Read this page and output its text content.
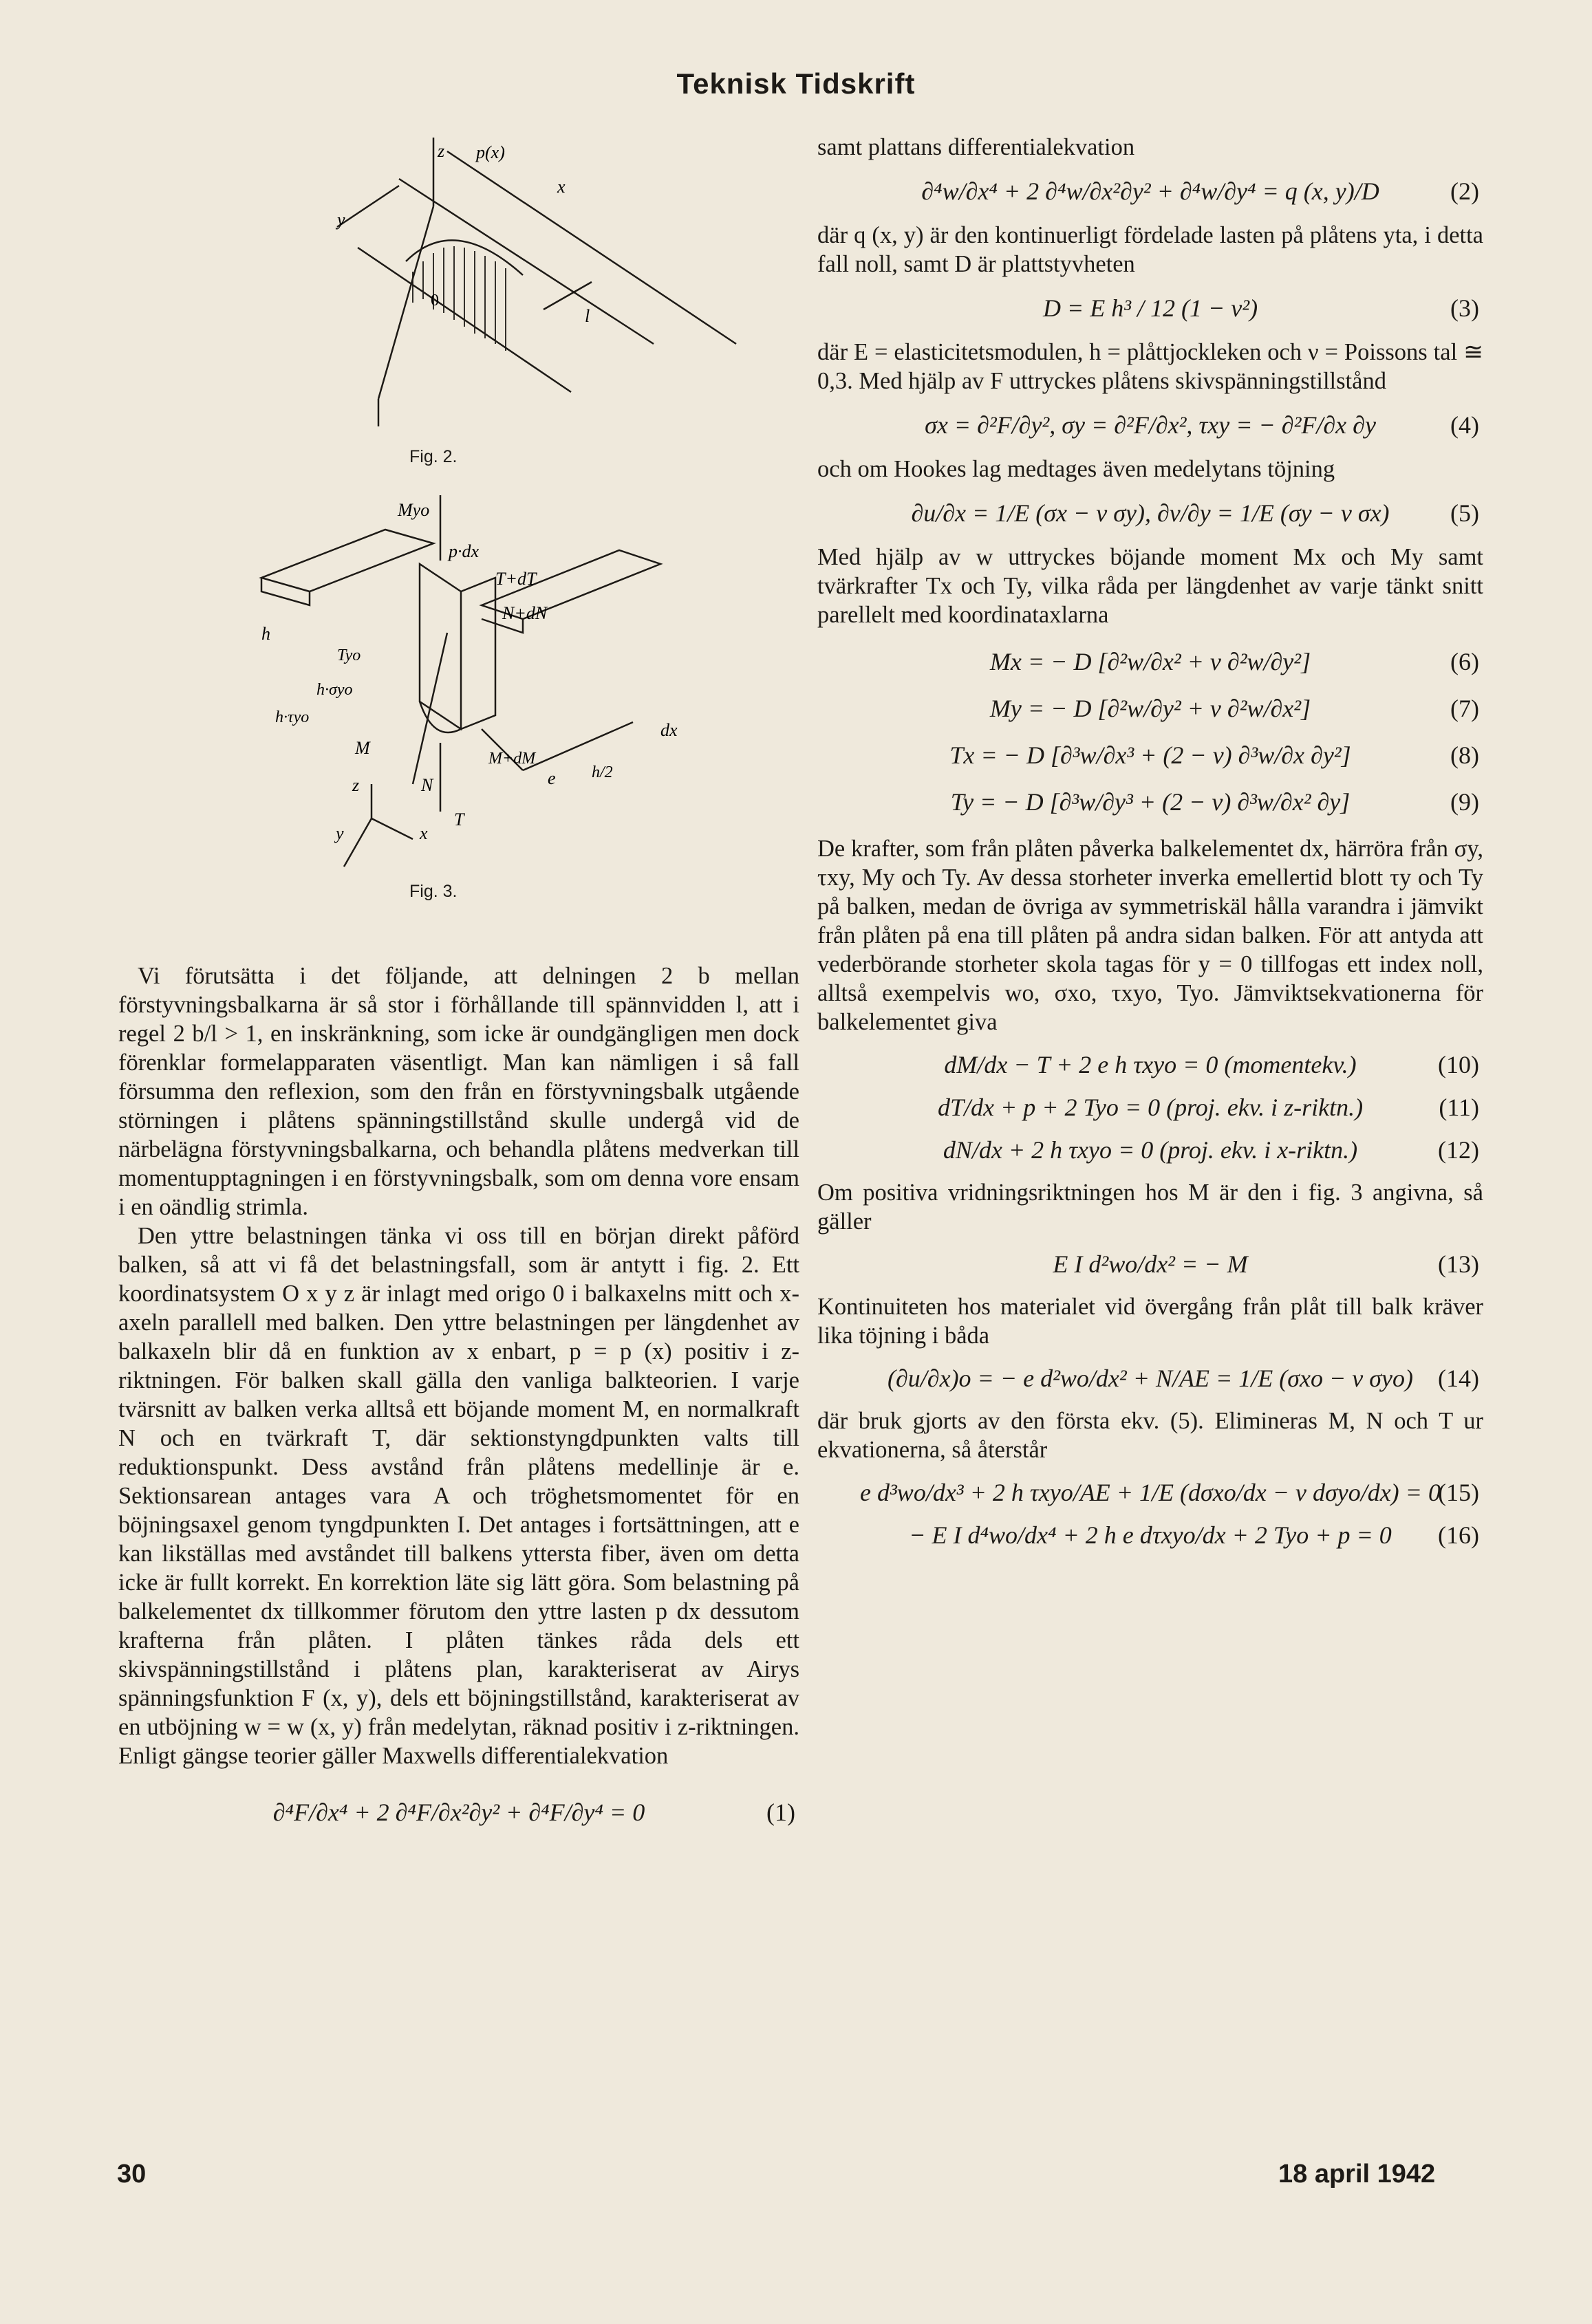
Teknisk Tidskrift
z p(x)
x
y
l
0
Fig. 2.
Myo
p·dx
T+dT
N+dN
h
Tyo
h·σyo
h·τyo
M
M+dM
e h/2
dx
z
x
y
N
T
Fig. 3.

Vi förutsätta i det följande, att delningen 2 b mellan förstyvningsbalkarna är så stor i förhållande till spännvidden l, att i regel 2 b/l > 1, en inskränkning, som icke är oundgängligen men dock förenklar formelapparaten väsentligt. Man kan nämligen i så fall försumma den reflexion, som den från en förstyvningsbalk utgående störningen i plåtens spänningstillstånd skulle undergå vid de närbelägna förstyvningsbalkarna, och behandla plåtens medverkan till momentupptagningen i en förstyvningsbalk, som om denna vore ensam i en oändlig strimla.

Den yttre belastningen tänka vi oss till en början direkt påförd balken, så att vi få det belastningsfall, som är antytt i fig. 2. Ett koordinatsystem O x y z är inlagt med origo 0 i balkaxelns mitt och x-axeln parallell med balken. Den yttre belastningen per längdenhet av balkaxeln blir då en funktion av x enbart, p = p (x) positiv i z-riktningen. För balken skall gälla den vanliga balkteorien. I varje tvärsnitt av balken verka alltså ett böjande moment M, en normalkraft N och en tvärkraft T, där sektionstyngdpunkten valts till reduktionspunkt. Dess avstånd från plåtens medellinje är e. Sektionsarean antages vara A och tröghetsmomentet för en böjningsaxel genom tyngdpunkten I. Det antages i fortsättningen, att e kan likställas med avståndet till balkens yttersta fiber, även om detta icke är fullt korrekt. En korrektion läte sig lätt göra. Som belastning på balkelementet dx tillkommer förutom den yttre lasten p dx dessutom krafterna från plåten. I plåten tänkes råda dels ett skivspänningstillstånd i plåtens plan, karakteriserat av Airys spänningsfunktion F (x, y), dels ett böjningstillstånd, karakteriserat av en utböjning w = w (x, y) från medelytan, räknad positiv i z-riktningen. Enligt gängse teorier gäller Maxwells differentialekvation

∂⁴F/∂x⁴ + 2 ∂⁴F/∂x²∂y² + ∂⁴F/∂y⁴ = 0	(1)

samt plattans differentialekvation

∂⁴w/∂x⁴ + 2 ∂⁴w/∂x²∂y² + ∂⁴w/∂y⁴ = q (x, y)/D	(2)

där q (x, y) är den kontinuerligt fördelade lasten på plåtens yta, i detta fall noll, samt D är plattstyvheten

D = E h³ / 12 (1 − ν²)	(3)

där E = elasticitetsmodulen, h = plåttjockleken och ν = Poissons tal ≅ 0,3. Med hjälp av F uttryckes plåtens skivspänningstillstånd

σx = ∂²F/∂y², σy = ∂²F/∂x², τxy = − ∂²F/∂x ∂y	(4)

och om Hookes lag medtages även medelytans töjning

∂u/∂x = 1/E (σx − ν σy), ∂v/∂y = 1/E (σy − ν σx) (5)

Med hjälp av w uttryckes böjande moment Mx och My samt tvärkrafter Tx och Ty, vilka råda per längdenhet av varje tänkt snitt parellelt med koordinataxlarna

Mx = − D [∂²w/∂x² + ν ∂²w/∂y²]	(6)
My = − D [∂²w/∂y² + ν ∂²w/∂x²]	(7)
Tx = − D [∂³w/∂x³ + (2 − ν) ∂³w/∂x ∂y²]	(8)
Ty = − D [∂³w/∂y³ + (2 − ν) ∂³w/∂x² ∂y]	(9)

De krafter, som från plåten påverka balkelementet dx, härröra från σy, τxy, My och Ty. Av dessa storheter inverka emellertid blott τy och Ty på balken, medan de övriga av symmetriskäl hålla varandra i jämvikt från plåten på ena till plåten på andra sidan balken. För att antyda att vederbörande storheter skola tagas för y = 0 tillfogas ett index noll, alltså exempelvis wo, σxo, τxyo, Tyo. Jämviktsekvationerna för balkelementet giva

dM/dx − T + 2 e h τxyo = 0 (momentekv.)	(10)
dT/dx + p + 2 Tyo = 0 (proj. ekv. i z-riktn.)	(11)
dN/dx + 2 h τxyo = 0 (proj. ekv. i x-riktn.)	(12)

Om positiva vridningsriktningen hos M är den i fig. 3 angivna, så gäller

E I d²wo/dx² = − M	(13)

Kontinuiteten hos materialet vid övergång från plåt till balk kräver lika töjning i båda

(∂u/∂x)o = − e d²wo/dx² + N/AE = 1/E (σxo − ν σyo) (14)

där bruk gjorts av den första ekv. (5). Elimineras M, N och T ur ekvationerna, så återstår

e d³wo/dx³ + 2 h τxyo/AE + 1/E (dσxo/dx − ν dσyo/dx) = 0
(15)
− E I d⁴wo/dx⁴ + 2 h e dτxyo/dx + 2 Tyo + p = 0 (16)
30	18 april 1942
